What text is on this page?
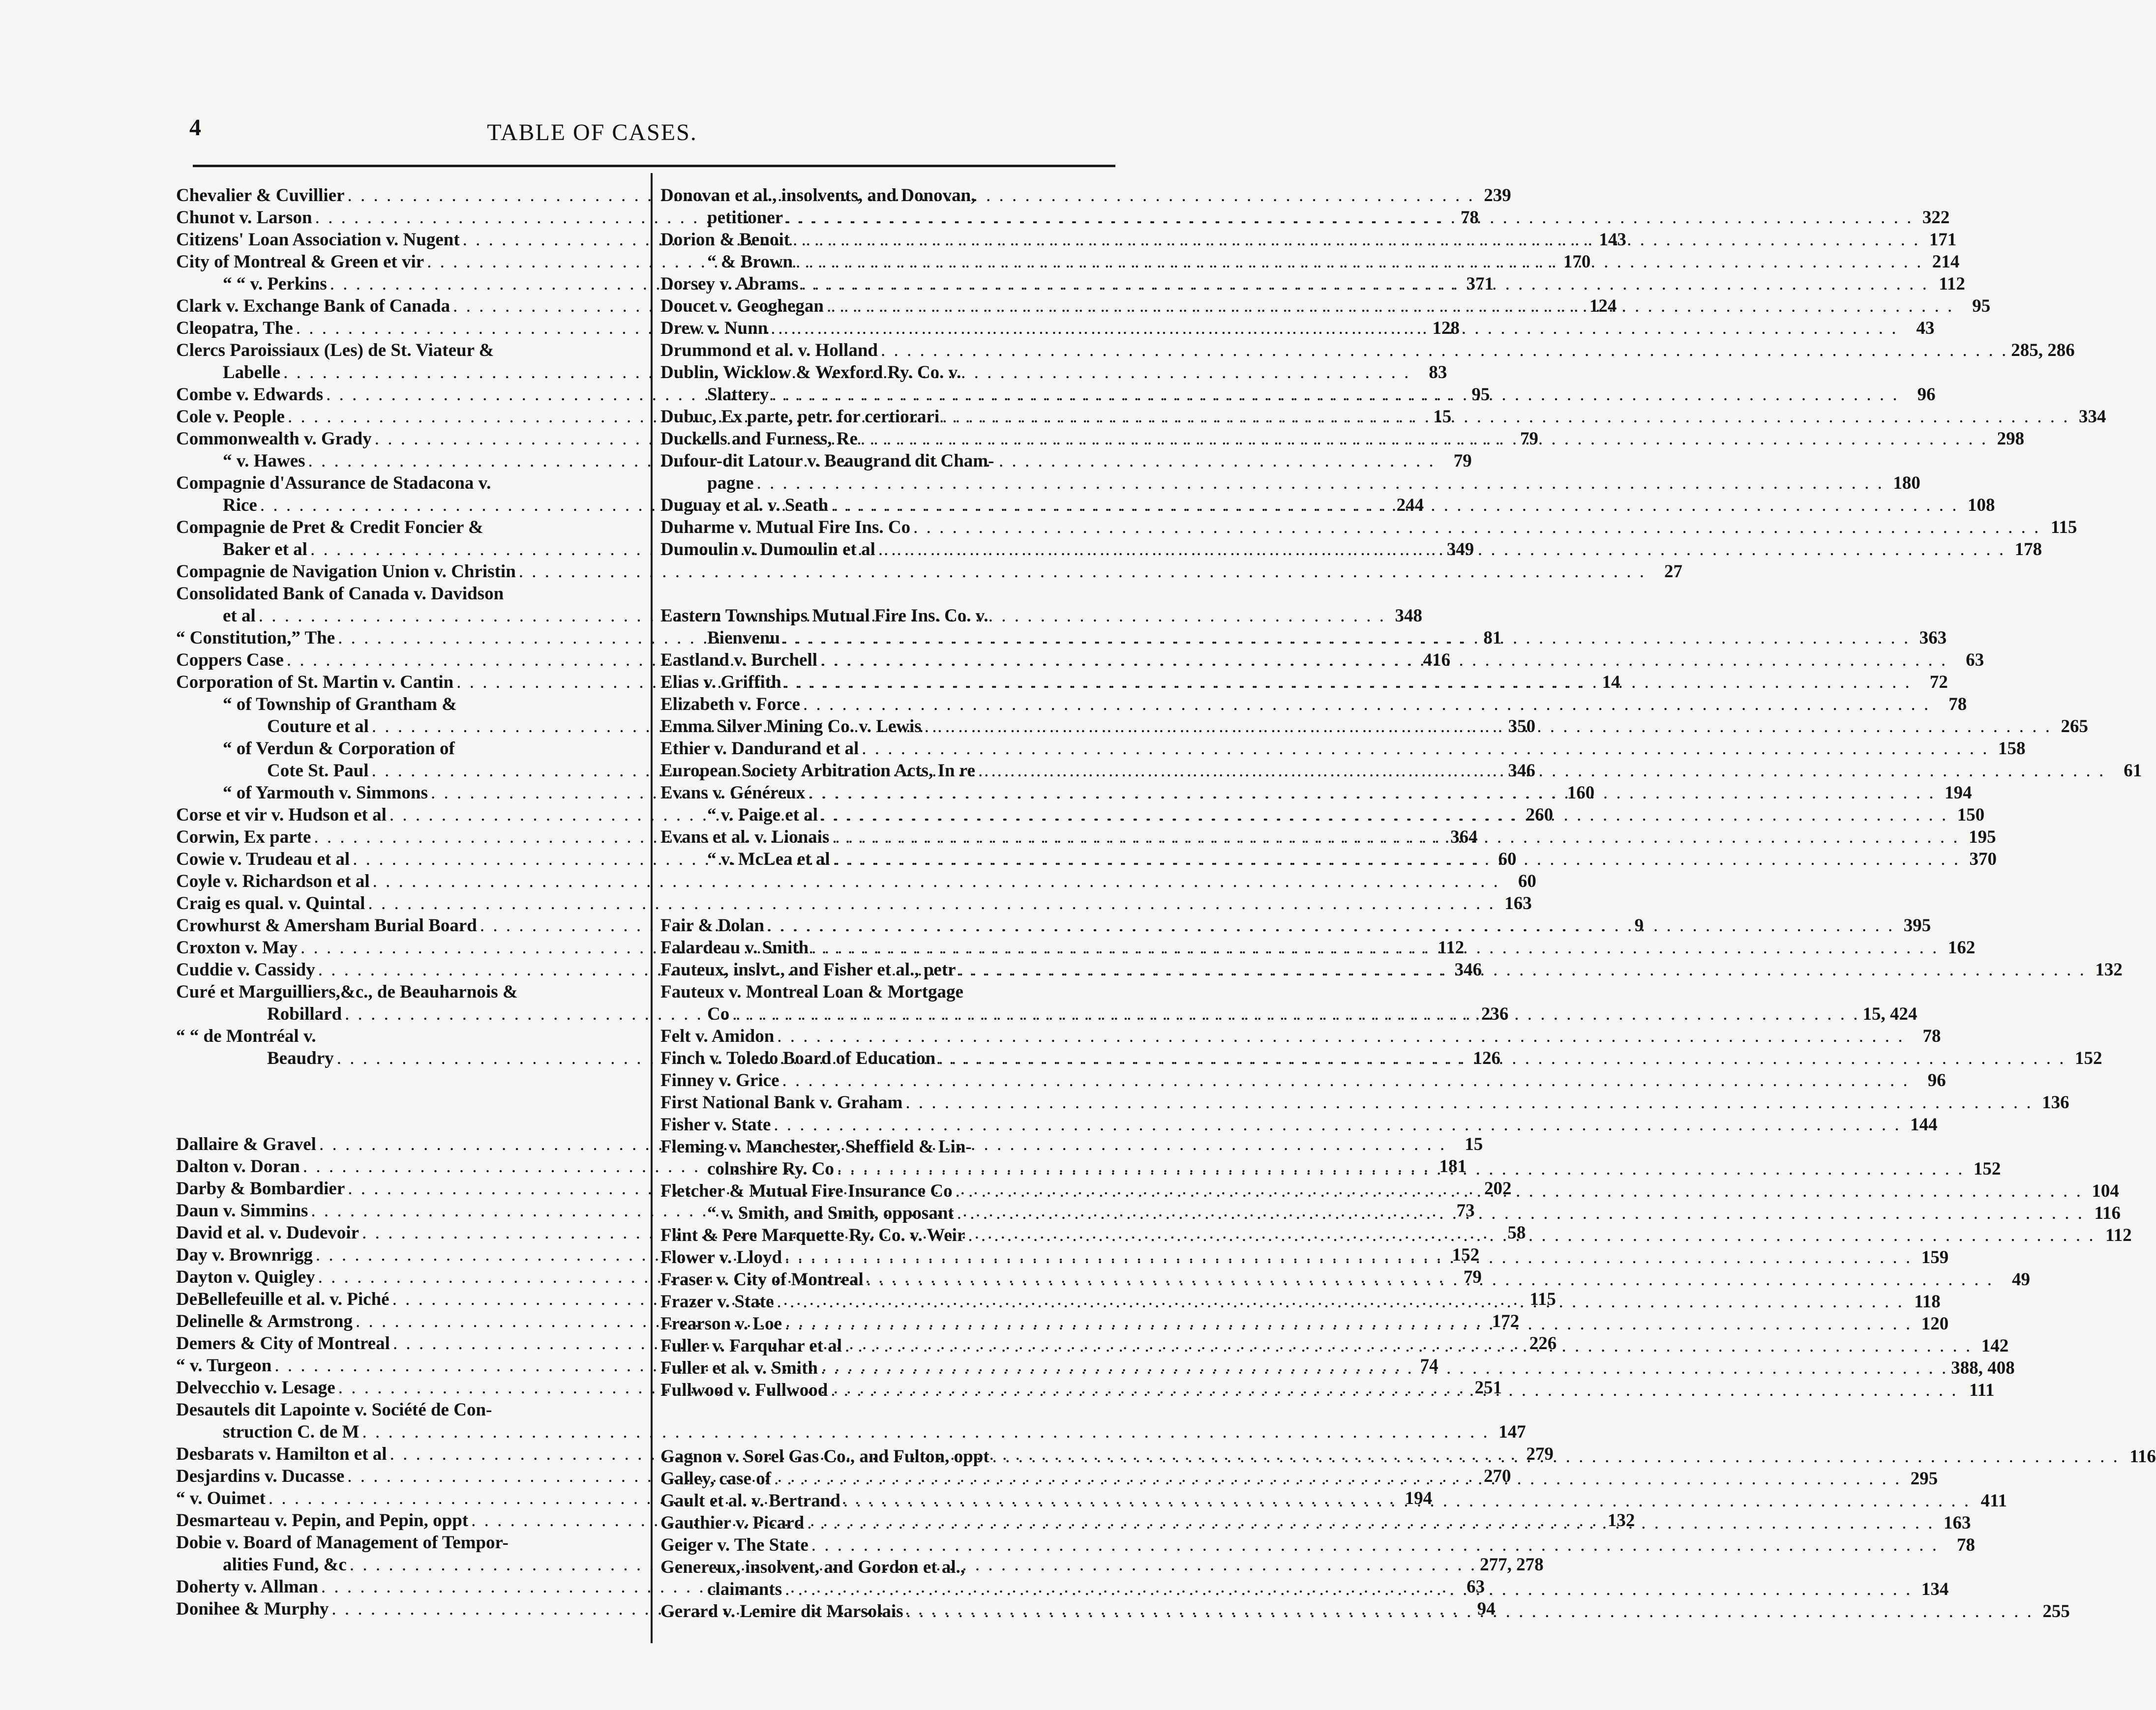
4	TABLE OF CASES.
Chevalier & Cuvillier . . .	239
Chunot v. Larson . . .	78
Citizens' Loan Association v. Nugent . . .	143
City of Montreal & Green et vir . . .	170
“ “ v. Perkins . . .	371
Clark v. Exchange Bank of Canada . . .	124
Cleopatra, The . . .	128
Clercs Paroissiaux (Les) de St. Viateur &
Labelle . . .	83
Combe v. Edwards . . .	95
Cole v. People . . .	15
Commonwealth v. Grady . . .	79
“ v. Hawes . . .	79
Compagnie d'Assurance de Stadacona v.
Rice . . .	244
Compagnie de Pret & Credit Foncier &
Baker et al . . .	349
Compagnie de Navigation Union v. Christin . . .	27
Consolidated Bank of Canada v. Davidson
et al . . .	348
“ Constitution,” The . . .	81
Coppers Case . . .	416
Corporation of St. Martin v. Cantin . . .	14
“ of Township of Grantham &
Couture et al . . .	350
“ of Verdun & Corporation of
Cote St. Paul . . .	346
“ of Yarmouth v. Simmons . . .	160
Corse et vir v. Hudson et al . . .	260
Corwin, Ex parte . . .	364
Cowie v. Trudeau et al . . .	60
Coyle v. Richardson et al . . .	60
Craig es qual. v. Quintal . . .	163
Crowhurst & Amersham Burial Board . . .	9
Croxton v. May . . .	112
Cuddie v. Cassidy . . .	346
Curé et Marguilliers,&c., de Beauharnois &
Robillard . . .	236
“ “ de Montréal v.
Beaudry . . .	126
Dallaire & Gravel . . .	15
Dalton v. Doran . . .	181
Darby & Bombardier . . .	202
Daun v. Simmins . . .	73
David et al. v. Dudevoir . . .	58
Day v. Brownrigg . . .	152
Dayton v. Quigley . . .	79
DeBellefeuille et al. v. Piché . . .	115
Delinelle & Armstrong . . .	172
Demers & City of Montreal . . .	226
“ v. Turgeon . . .	74
Delvecchio v. Lesage . . .	251
Desautels dit Lapointe v. Société de Con-
struction C. de M . . .	147
Desbarats v. Hamilton et al . . .	279
Desjardins v. Ducasse . . .	270
“ v. Ouimet . . .	194
Desmarteau v. Pepin, and Pepin, oppt . . .	132
Dobie v. Board of Management of Tempor-
alities Fund, &c . . .	277, 278
Doherty v. Allman . . .	63
Donihee & Murphy . . .	94
Donovan et al., insolvents, and Donovan,
petitioner . . .	322
Dorion & Benoit . . .	171
“ & Brown . . .	214
Dorsey v. Abrams . . .	112
Doucet v. Geoghegan . . .	95
Drew v. Nunn . . .	43
Drummond et al. v. Holland . . .	285, 286
Dublin, Wicklow & Wexford Ry. Co. v.
Slattery . . .	96
Dubuc, Ex parte, petr. for certiorari . . .	334
Duckells and Furness, Re . . .	298
Dufour-dit Latour v. Beaugrand dit Cham-
pagne . . .	180
Duguay et al. v. Seath . . .	108
Duharme v. Mutual Fire Ins. Co . . .	115
Dumoulin v. Dumoulin et al . . .	178
Eastern Townships Mutual Fire Ins. Co. v.
Bienvenu . . .	363
Eastland v. Burchell . . .	63
Elias v. Griffith . . .	72
Elizabeth v. Force . . .	78
Emma Silver Mining Co. v. Lewis . . .	265
Ethier v. Dandurand et al . . .	158
European Society Arbitration Acts, In re . . .	61
Evans v. Généreux . . .	194
“ v. Paige et al . . .	150
Evans et al. v. Lionais . . .	195
“ v. McLea et al . . .	370
Fair & Dolan . . .	395
Falardeau v. Smith . . .	162
Fauteux, inslvt., and Fisher et al., petr . . .	132
Fauteux v. Montreal Loan & Mortgage
Co . . .	15, 424
Felt v. Amidon . . .	78
Finch v. Toledo Board of Education . . .	152
Finney v. Grice . . .	96
First National Bank v. Graham . . .	136
Fisher v. State . . .	144
Fleming v. Manchester, Sheffield & Lin-
colnshire Ry. Co . . .	152
Fletcher & Mutual Fire Insurance Co . . .	104
“ v. Smith, and Smith, opposant . . .	116
Flint & Pere Marquette Ry. Co. v. Weir . . .	112
Flower v. Lloyd . . .	159
Fraser v. City of Montreal . . .	49
Frazer v. State . . .	118
Frearson v. Loe . . .	120
Fuller v. Farquhar et al . . .	142
Fuller et al. v. Smith . . .	388, 408
Fullwood v. Fullwood . . .	111
Gagnon v. Sorel Gas Co., and Fulton, oppt . . .	116
Galley, case of . . .	295
Gault et al. v. Bertrand . . .	411
Gauthier v. Picard . . .	163
Geiger v. The State . . .	78
Genereux, insolvent, and Gordon et al.,
claimants . . .	134
Gerard v. Lemire dit Marsolais . . .	255
